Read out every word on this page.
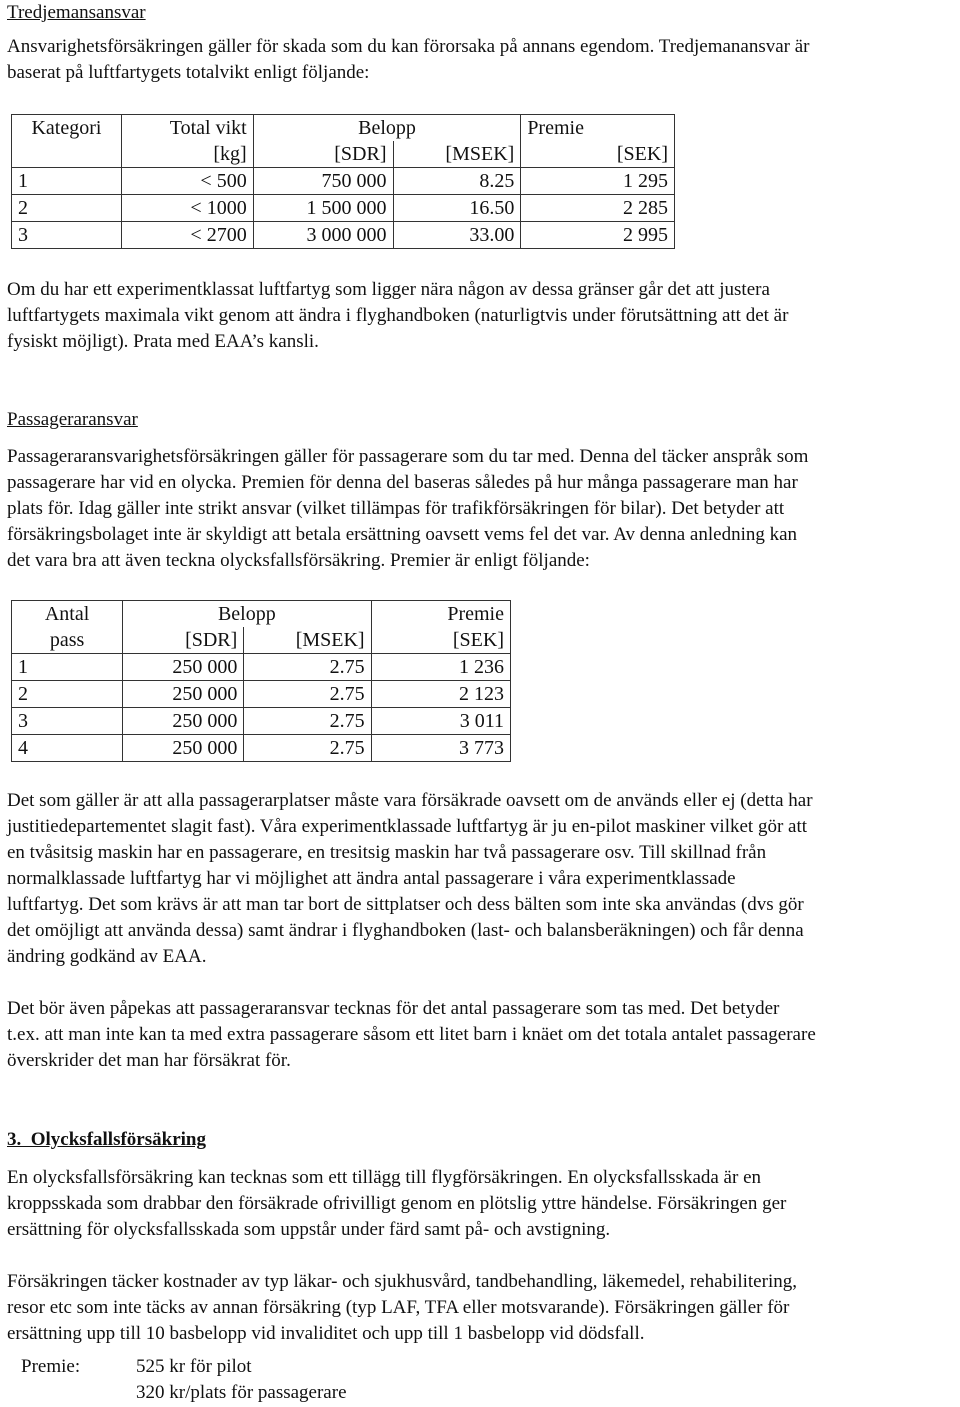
Tredjemansansvar
Ansvarighetsförsäkringen gäller för skada som du kan förorsaka på annans egendom. Tredjemanansvar är
baserat på luftfartygets totalvikt enligt följande:
Kategori	Total vikt	Belopp		Premie
	[kg]	[SDR]	[MSEK]	[SEK]
1	< 500	750 000	8.25	1 295
2	< 1000	1 500 000	16.50	2 285
3	< 2700	3 000 000	33.00	2 995
Om du har ett experimentklassat luftfartyg som ligger nära någon av dessa gränser går det att justera
luftfartygets maximala vikt genom att ändra i flyghandboken (naturligtvis under förutsättning att det är
fysiskt möjligt). Prata med EAA’s kansli.
Passageraransvar
Passageraransvarighetsförsäkringen gäller för passagerare som du tar med. Denna del täcker anspråk som
passagerare har vid en olycka. Premien för denna del baseras således på hur många passagerare man har
plats för. Idag gäller inte strikt ansvar (vilket tillämpas för trafikförsäkringen för bilar). Det betyder att
försäkringsbolaget inte är skyldigt att betala ersättning oavsett vems fel det var. Av denna anledning kan
det vara bra att även teckna olycksfallsförsäkring. Premier är enligt följande:
Antal	Belopp		Premie
pass	[SDR]	[MSEK]	[SEK]
1	250 000	2.75	1 236
2	250 000	2.75	2 123
3	250 000	2.75	3 011
4	250 000	2.75	3 773
Det som gäller är att alla passagerarplatser måste vara försäkrade oavsett om de används eller ej (detta har
justitiedepartementet slagit fast). Våra experimentklassade luftfartyg är ju en-pilot maskiner vilket gör att
en tvåsitsig maskin har en passagerare, en tresitsig maskin har två passagerare osv. Till skillnad från
normalklassade luftfartyg har vi möjlighet att ändra antal passagerare i våra experimentklassade
luftfartyg. Det som krävs är att man tar bort de sittplatser och dess bälten som inte ska användas (dvs gör
det omöjligt att använda dessa) samt ändrar i flyghandboken (last- och balansberäkningen) och får denna
ändring godkänd av EAA.
Det bör även påpekas att passageraransvar tecknas för det antal passagerare som tas med. Det betyder
t.ex. att man inte kan ta med extra passagerare såsom ett litet barn i knäet om det totala antalet passagerare
överskrider det man har försäkrat för.
3.  Olycksfallsförsäkring
En olycksfallsförsäkring kan tecknas som ett tillägg till flygförsäkringen. En olycksfallsskada är en
kroppsskada som drabbar den försäkrade ofrivilligt genom en plötslig yttre händelse. Försäkringen ger
ersättning för olycksfallsskada som uppstår under färd samt på- och avstigning.
Försäkringen täcker kostnader av typ läkar- och sjukhusvård, tandbehandling, läkemedel, rehabilitering,
resor etc som inte täcks av annan försäkring (typ LAF, TFA eller motsvarande). Försäkringen gäller för
ersättning upp till 10 basbelopp vid invaliditet och upp till 1 basbelopp vid dödsfall.
Premie:	525 kr för pilot
320 kr/plats för passagerare
